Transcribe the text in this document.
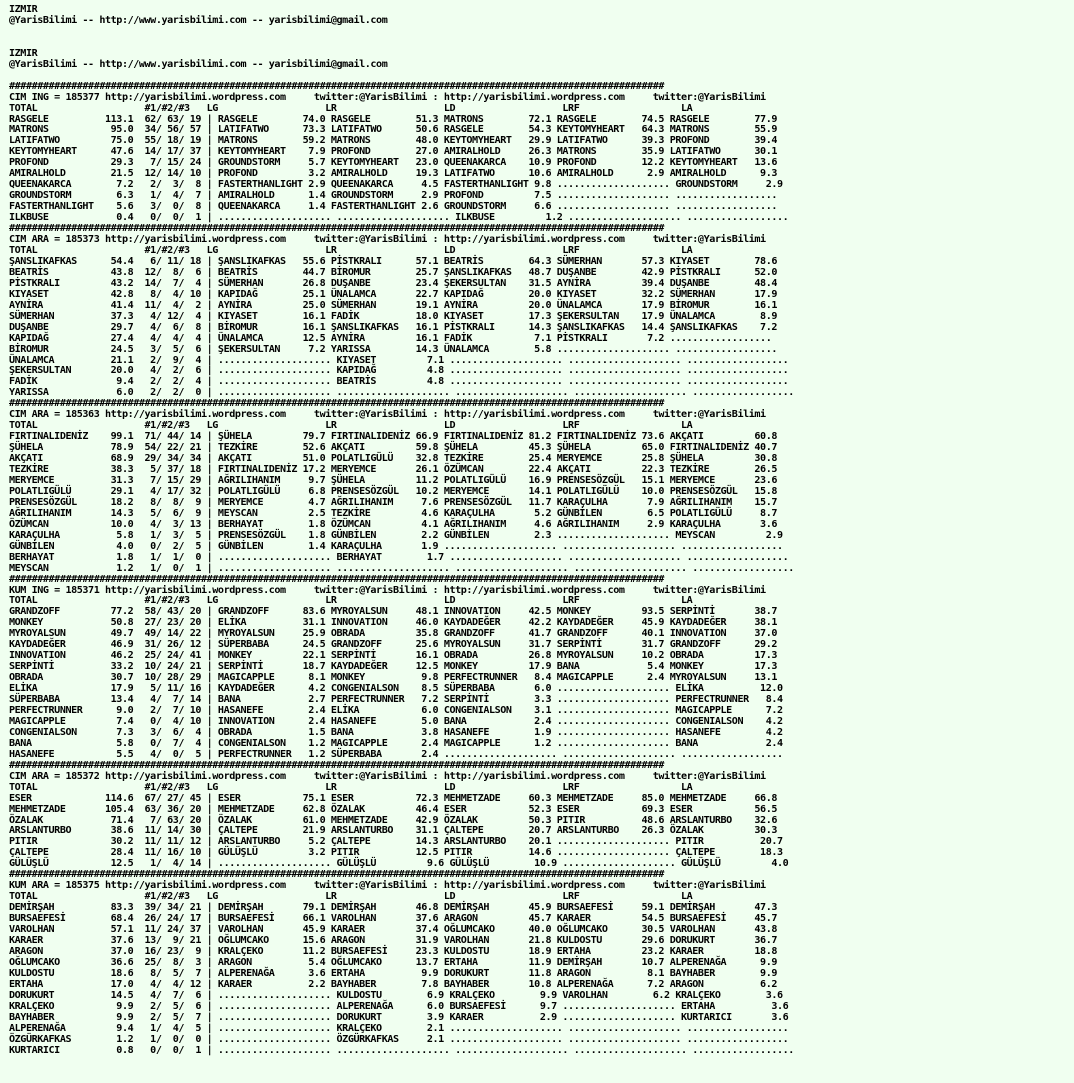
IZMIR
@YarisBilimi -- http://www.yarisbilimi.com -- yarisbilimi@gmail.com

IZMIR
@YarisBilimi -- http://www.yarisbilimi.com -- yarisbilimi@gmail.com

####################################################################################################################
CIM ING = 185377 http://yarisbilimi.wordpress.com     twitter:@YarisBilimi : http://yarisbilimi.wordpress.com     twitter:@YarisBilimi
TOTAL                   #1/#2/#3   LG                   LR                   LD                   LRF                  LA
RASGELE          113.1  62/ 63/ 19 | RASGELE        74.0 RASGELE        51.3 MATRONS        72.1 RASGELE        74.5 RASGELE        77.9
MATRONS           95.0  34/ 56/ 57 | LATIFATWO      73.3 LATIFATWO      50.6 RASGELE        54.3 KEYTOMYHEART   64.3 MATRONS        55.9
LATIFATWO         75.0  55/ 18/ 19 | MATRONS        59.2 MATRONS        48.0 KEYTOMYHEART   29.9 LATIFATWO      39.3 PROFOND        39.4
KEYTOMYHEART      47.6  14/ 17/ 37 | KEYTOMYHEART    7.9 PROFOND        27.0 AMIRALHOLD     26.3 MATRONS        35.9 LATIFATWO      30.1
PROFOND           29.3   7/ 15/ 24 | GROUNDSTORM     5.7 KEYTOMYHEART   23.0 QUEENAKARCA    10.9 PROFOND        12.2 KEYTOMYHEART   13.6
AMIRALHOLD        21.5  12/ 14/ 10 | PROFOND         3.2 AMIRALHOLD     19.3 LATIFATWO      10.6 AMIRALHOLD      2.9 AMIRALHOLD      9.3
QUEENAKARCA        7.2   2/  3/  8 | FASTERTHANLIGHT 2.9 QUEENAKARCA     4.5 FASTERTHANLIGHT 9.8 .................... GROUNDSTORM     2.9
GROUNDSTORM        6.3   1/  4/  7 | AMIRALHOLD      1.4 GROUNDSTORM     2.9 PROFOND         7.5 .................... ..................
FASTERTHANLIGHT    5.6   3/  0/  8 | QUEENAKARCA     1.4 FASTERTHANLIGHT 2.6 GROUNDSTORM     6.6 .................... ..................
ILKBUSE            0.4   0/  0/  1 | .................... .................... ILKBUSE         1.2 .................... ..................
####################################################################################################################
CIM ARA = 185373 http://yarisbilimi.wordpress.com     twitter:@YarisBilimi : http://yarisbilimi.wordpress.com     twitter:@YarisBilimi
TOTAL                   #1/#2/#3   LG                   LR                   LD                   LRF                  LA
ŞANSLIKAFKAS      54.4   6/ 11/ 18 | ŞANSLIKAFKAS   55.6 PİSTKRALI      57.1 BEATRİS        64.3 SÜMERHAN       57.3 KIYASET        78.6
BEATRİS           43.8  12/  8/  6 | BEATRİS        44.7 BİROMUR        25.7 ŞANSLIKAFKAS   48.7 DUŞANBE        42.9 PİSTKRALI      52.0
PİSTKRALI         43.2  14/  7/  4 | SÜMERHAN       26.8 DUŞANBE        23.4 ŞEKERSULTAN    31.5 AYNİRA         39.4 DUŞANBE        48.4
KIYASET           42.8   8/  4/ 10 | KAPIDAĞ        25.1 ÜNALAMCA       22.7 KAPIDAĞ        20.0 KIYASET        32.2 SÜMERHAN       17.9
AYNİRA            41.4  11/  4/  2 | AYNİRA         25.0 SÜMERHAN       19.1 AYNİRA         20.0 ÜNALAMCA       17.9 BİROMUR        16.1
SÜMERHAN          37.3   4/ 12/  4 | KIYASET        16.1 FADİK          18.0 KIYASET        17.3 ŞEKERSULTAN    17.9 ÜNALAMCA        8.9
DUŞANBE           29.7   4/  6/  8 | BİROMUR        16.1 ŞANSLIKAFKAS   16.1 PİSTKRALI      14.3 ŞANSLIKAFKAS   14.4 ŞANSLIKAFKAS    7.2
KAPIDAĞ           27.4   4/  4/  4 | ÜNALAMCA       12.5 AYNİRA         16.1 FADİK           7.1 PİSTKRALI       7.2 ..................
BİROMUR           24.5   3/  5/  6 | ŞEKERSULTAN     7.2 YARISSA        14.3 ÜNALAMCA        5.8 .................... ..................
ÜNALAMCA          21.1   2/  9/  4 | .................... KIYASET         7.1 .................... .................... ..................
ŞEKERSULTAN       20.0   4/  2/  6 | .................... KAPIDAĞ         4.8 .................... .................... ..................
FADİK              9.4   2/  2/  4 | .................... BEATRİS         4.8 .................... .................... ..................
YARISSA            6.0   2/  2/  0 | .................... .................... .................... .................... ..................
####################################################################################################################
CIM ARA = 185363 http://yarisbilimi.wordpress.com     twitter:@YarisBilimi : http://yarisbilimi.wordpress.com     twitter:@YarisBilimi
TOTAL                   #1/#2/#3   LG                   LR                   LD                   LRF                  LA
FIRTINALIDENİZ    99.1  71/ 44/ 14 | ŞÜHELA         79.7 FIRTINALIDENİZ 66.9 FIRTINALIDENİZ 81.2 FIRTINALIDENİZ 73.6 AKÇATI         60.8
ŞÜHELA            78.9  54/ 22/ 21 | TEZKİRE        52.6 AKÇATI         59.8 ŞÜHELA         45.3 ŞÜHELA         65.0 FIRTINALIDENİZ 40.7
AKÇATI            68.9  29/ 34/ 34 | AKÇATI         51.0 POLATLIGÜLÜ    32.8 TEZKİRE        25.4 MERYEMCE       25.8 ŞÜHELA         30.8
TEZKİRE           38.3   5/ 37/ 18 | FIRTINALIDENİZ 17.2 MERYEMCE       26.1 ÖZÜMCAN        22.4 AKÇATI         22.3 TEZKİRE        26.5
MERYEMCE          31.3   7/ 15/ 29 | AĞRILIHANIM     9.7 ŞÜHELA         11.2 POLATLIGÜLÜ    16.9 PRENSESÖZGÜL   15.1 MERYEMCE       23.6
POLATLIGÜLÜ       29.1   4/ 17/ 32 | POLATLIGÜLÜ     6.8 PRENSESÖZGÜL   10.2 MERYEMCE       14.1 POLATLIGÜLÜ    10.0 PRENSESÖZGÜL   15.8
PRENSESÖZGÜL      18.2   8/  8/  9 | MERYEMCE        4.7 AĞRILIHANIM     7.6 PRENSESÖZGÜL   11.7 KARAÇULHA       7.9 AĞRILIHANIM    15.7
AĞRILIHANIM       14.3   5/  6/  9 | MEYSCAN         2.5 TEZKİRE         4.6 KARAÇULHA       5.2 GÜNBİLEN        6.5 POLATLIGÜLÜ     8.7
ÖZÜMCAN           10.0   4/  3/ 13 | BERHAYAT        1.8 ÖZÜMCAN         4.1 AĞRILIHANIM     4.6 AĞRILIHANIM     2.9 KARAÇULHA       3.6
KARAÇULHA          5.8   1/  3/  5 | PRENSESÖZGÜL    1.8 GÜNBİLEN        2.2 GÜNBİLEN        2.3 .................... MEYSCAN         2.9
GÜNBİLEN           4.0   0/  2/  5 | GÜNBİLEN        1.4 KARAÇULHA       1.9 .................... .................... ..................
BERHAYAT           1.8   1/  1/  0 | .................... BERHAYAT        1.7 .................... .................... ..................
MEYSCAN            1.2   1/  0/  1 | .................... .................... .................... .................... ..................
####################################################################################################################
KUM ING = 185371 http://yarisbilimi.wordpress.com     twitter:@YarisBilimi : http://yarisbilimi.wordpress.com     twitter:@YarisBilimi
TOTAL                   #1/#2/#3   LG                   LR                   LD                   LRF                  LA
GRANDZOFF         77.2  58/ 43/ 20 | GRANDZOFF      83.6 MYROYALSUN     48.1 INNOVATION     42.5 MONKEY         93.5 SERPİNTİ       38.7
MONKEY            50.8  27/ 23/ 20 | ELİKA          31.1 INNOVATION     46.0 KAYDADEĞER     42.2 KAYDADEĞER     45.9 KAYDADEĞER     38.1
MYROYALSUN        49.7  49/ 14/ 22 | MYROYALSUN     25.9 OBRADA         35.8 GRANDZOFF      41.7 GRANDZOFF      40.1 INNOVATION     37.0
KAYDADEĞER        46.9  31/ 26/ 12 | SÜPERBABA      24.5 GRANDZOFF      25.6 MYROYALSUN     31.7 SERPİNTİ       31.7 GRANDZOFF      29.2
INNOVATION        46.2  25/ 24/ 41 | MONKEY         22.1 SERPİNTİ       16.1 OBRADA         26.8 MYROYALSUN     10.2 OBRADA         17.3
SERPİNTİ          33.2  10/ 24/ 21 | SERPİNTİ       18.7 KAYDADEĞER     12.5 MONKEY         17.9 BANA            5.4 MONKEY         17.3
OBRADA            30.7  10/ 28/ 29 | MAGICAPPLE      8.1 MONKEY          9.8 PERFECTRUNNER   8.4 MAGICAPPLE      2.4 MYROYALSUN     13.1
ELİKA             17.9   5/ 11/ 16 | KAYDADEĞER      4.2 CONGENIALSON    8.5 SÜPERBABA       6.0 .................... ELİKA          12.0
SÜPERBABA         13.4   4/  7/ 14 | BANA            2.7 PERFECTRUNNER   7.2 SERPİNTİ        3.3 .................... PERFECTRUNNER   8.4
PERFECTRUNNER      9.0   2/  7/ 10 | HASANEFE        2.4 ELİKA           6.0 CONGENIALSON    3.1 .................... MAGICAPPLE      7.2
MAGICAPPLE         7.4   0/  4/ 10 | INNOVATION      2.4 HASANEFE        5.0 BANA            2.4 .................... CONGENIALSON    4.2
CONGENIALSON       7.3   3/  6/  4 | OBRADA          1.5 BANA            3.8 HASANEFE        1.9 .................... HASANEFE        4.2
BANA               5.8   0/  7/  4 | CONGENIALSON    1.2 MAGICAPPLE      2.4 MAGICAPPLE      1.2 .................... BANA            2.4
HASANEFE           5.5   4/  0/  5 | PERFECTRUNNER   1.2 SÜPERBABA       2.4 .................... .................... ..................
####################################################################################################################
CIM ARA = 185372 http://yarisbilimi.wordpress.com     twitter:@YarisBilimi : http://yarisbilimi.wordpress.com     twitter:@YarisBilimi
TOTAL                   #1/#2/#3   LG                   LR                   LD                   LRF                  LA
ESER             114.6  67/ 27/ 45 | ESER           75.1 ESER           72.3 MEHMETZADE     60.3 MEHMETZADE     85.0 MEHMETZADE     66.8
MEHMETZADE       105.4  63/ 36/ 20 | MEHMETZADE     62.8 ÖZALAK         46.4 ESER           52.3 ESER           69.3 ESER           56.5
ÖZALAK            71.4   7/ 63/ 20 | ÖZALAK         61.0 MEHMETZADE     42.9 ÖZALAK         50.3 PITIR          48.6 ARSLANTURBO    32.6
ARSLANTURBO       38.6  11/ 14/ 30 | ÇALTEPE        21.9 ARSLANTURBO    31.1 ÇALTEPE        20.7 ARSLANTURBO    26.3 ÖZALAK         30.3
PITIR             30.2  11/ 11/ 12 | ARSLANTURBO     5.2 ÇALTEPE        14.3 ARSLANTURBO    20.1 .................... PITIR          20.7
ÇALTEPE           28.4  11/ 16/ 10 | GÜLÜŞLÜ         3.2 PITIR          12.5 PITIR          14.6 .................... ÇALTEPE        18.3
GÜLÜŞLÜ           12.5   1/  4/ 14 | .................... GÜLÜŞLÜ         9.6 GÜLÜŞLÜ        10.9 .................... GÜLÜŞLÜ         4.0
####################################################################################################################
KUM ARA = 185375 http://yarisbilimi.wordpress.com     twitter:@YarisBilimi : http://yarisbilimi.wordpress.com     twitter:@YarisBilimi
TOTAL                   #1/#2/#3   LG                   LR                   LD                   LRF                  LA
DEMİRŞAH          83.3  39/ 34/ 21 | DEMİRŞAH       79.1 DEMİRŞAH       46.8 DEMİRŞAH       45.9 BURSAEFESİ     59.1 DEMİRŞAH       47.3
BURSAEFESİ        68.4  26/ 24/ 17 | BURSAEFESİ     66.1 VAROLHAN       37.6 ARAGON         45.7 KARAER         54.5 BURSAEFESİ     45.7
VAROLHAN          57.1  11/ 24/ 37 | VAROLHAN       45.9 KARAER         37.4 OĞLUMCAKO      40.0 OĞLUMCAKO      30.5 VAROLHAN       43.8
KARAER            37.6  13/  9/ 21 | OĞLUMCAKO      15.6 ARAGON         31.9 VAROLHAN       21.8 KULDOSTU       29.6 DORUKURT       36.7
ARAGON            37.0  16/ 23/  9 | KRALÇEKO       11.2 BURSAEFESİ     23.3 KULDOSTU       18.9 ERTAHA         23.2 KARAER         18.8
OĞLUMCAKO         36.6  25/  8/  3 | ARAGON          5.4 OĞLUMCAKO      13.7 ERTAHA         11.9 DEMİRŞAH       10.7 ALPERENAĞA      9.9
KULDOSTU          18.6   8/  5/  7 | ALPERENAĞA      3.6 ERTAHA          9.9 DORUKURT       11.8 ARAGON          8.1 BAYHABER        9.9
ERTAHA            17.0   4/  4/ 12 | KARAER          2.2 BAYHABER        7.8 BAYHABER       10.8 ALPERENAĞA      7.2 ARAGON          6.2
DORUKURT          14.5   4/  7/  6 | .................... KULDOSTU        6.9 KRALÇEKO        9.9 VAROLHAN        6.2 KRALÇEKO        3.6
KRALÇEKO           9.9   2/  5/  6 | .................... ALPERENAĞA      6.0 BURSAEFESİ      9.7 .................... ERTAHA          3.6
BAYHABER           9.9   2/  5/  7 | .................... DORUKURT        3.9 KARAER          2.9 .................... KURTARICI       3.6
ALPERENAĞA         9.4   1/  4/  5 | .................... KRALÇEKO        2.1 .................... .................... ..................
ÖZGÜRKAFKAS        1.2   1/  0/  0 | .................... ÖZGÜRKAFKAS     2.1 .................... .................... ..................
KURTARICI          0.8   0/  0/  1 | .................... .................... .................... .................... ..................
